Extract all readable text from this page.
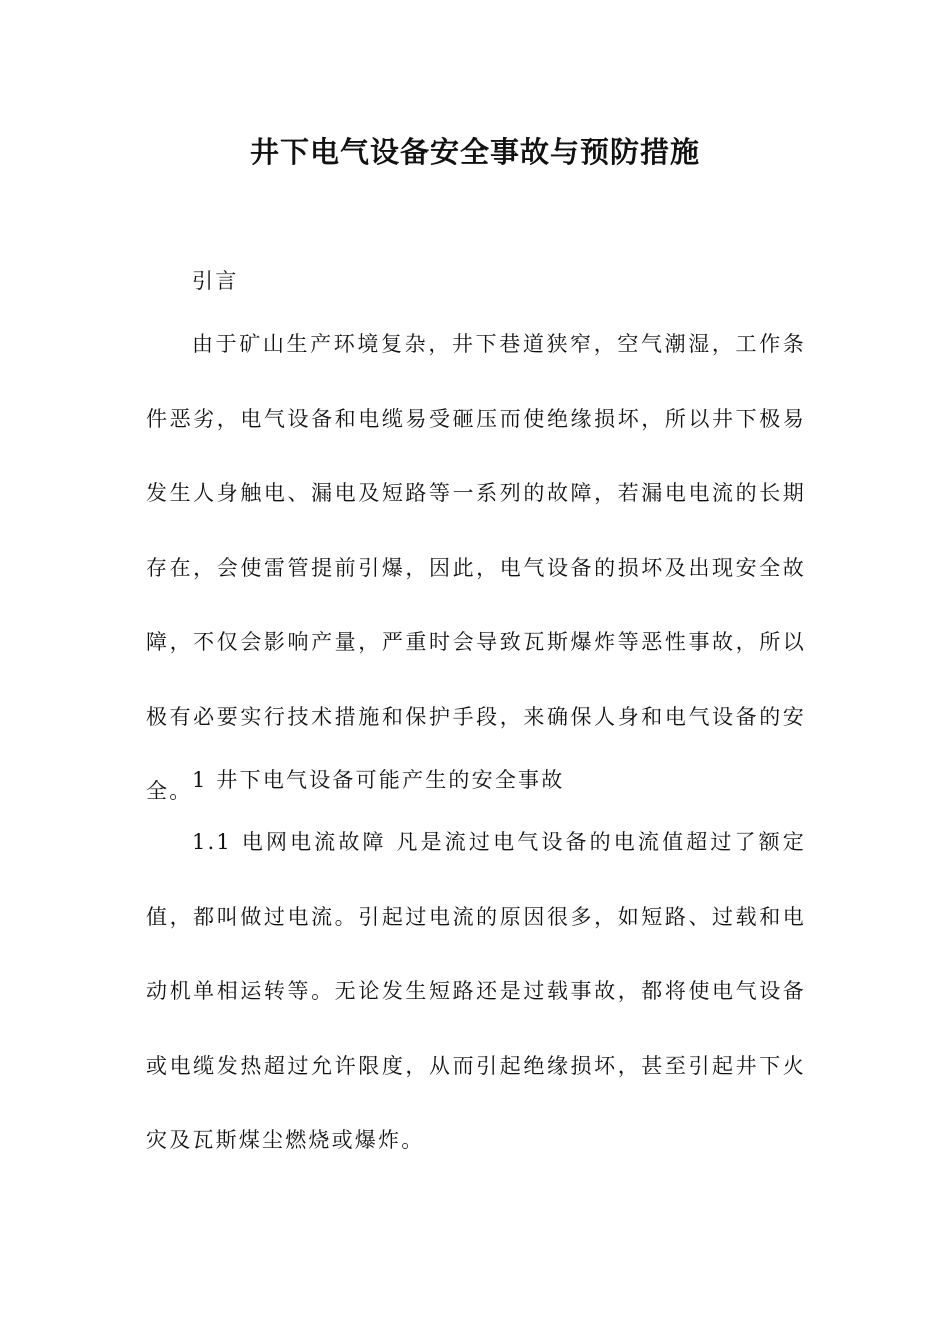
井下电气设备安全事故与预防措施

引言

由于矿山生产环境复杂，井下巷道狭窄，空气潮湿，工作条件恶劣，电气设备和电缆易受砸压而使绝缘损坏，所以井下极易发生人身触电、漏电及短路等一系列的故障，若漏电电流的长期存在，会使雷管提前引爆，因此，电气设备的损坏及出现安全故障，不仅会影响产量，严重时会导致瓦斯爆炸等恶性事故，所以极有必要实行技术措施和保护手段，来确保人身和电气设备的安全。 1 井下电气设备可能产生的安全事故

1.1 电网电流故障 凡是流过电气设备的电流值超过了额定值，都叫做过电流。引起过电流的原因很多，如短路、过载和电动机单相运转等。无论发生短路还是过载事故，都将使电气设备或电缆发热超过允许限度，从而引起绝缘损坏，甚至引起井下火灾及瓦斯煤尘燃烧或爆炸。
